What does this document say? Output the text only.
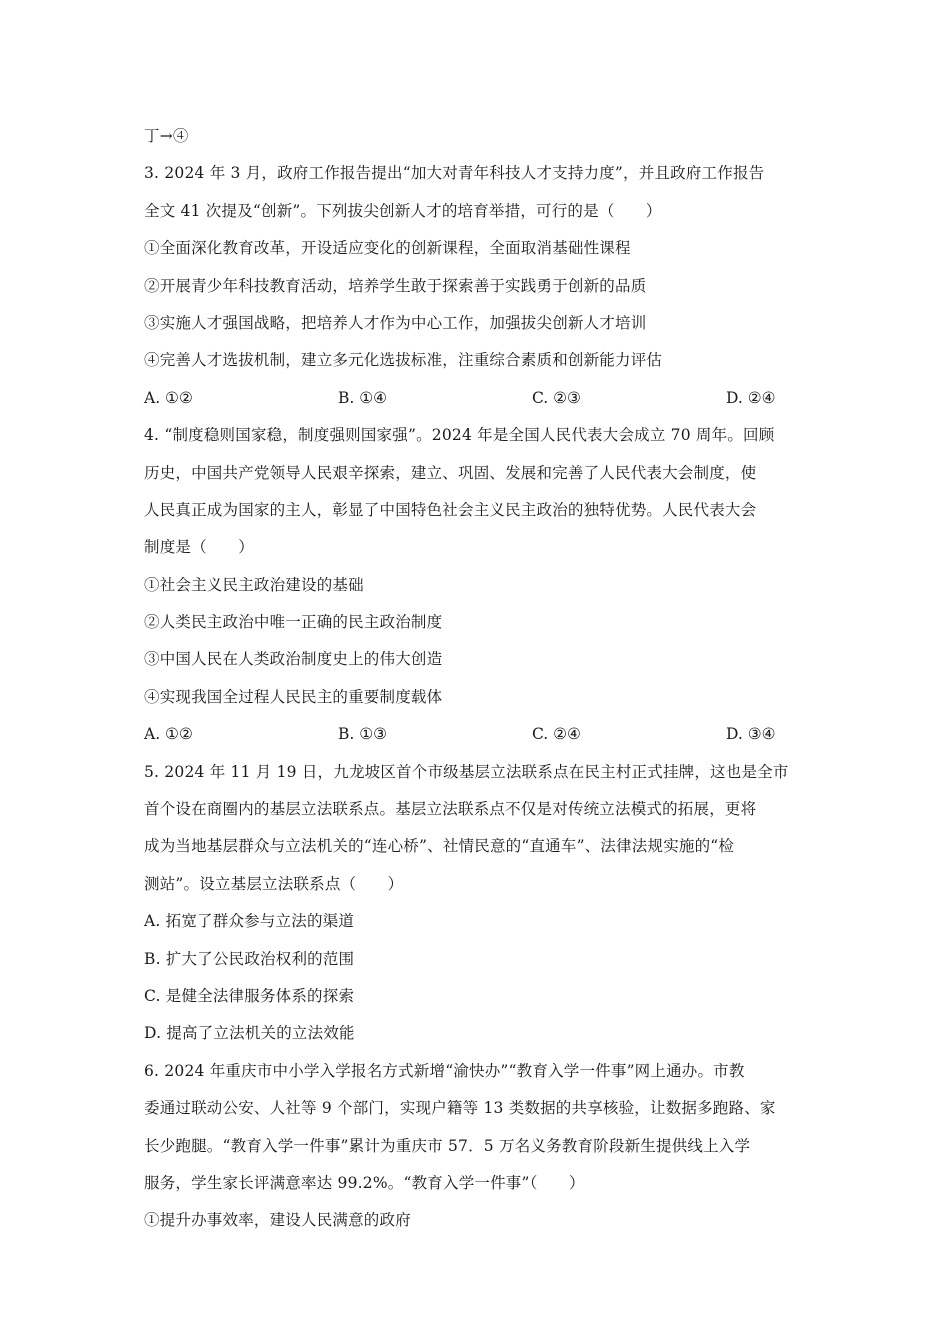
丁→④
3. 2024 年 3 月，政府工作报告提出“加大对青年科技人才支持力度”，并且政府工作报告
全文 41 次提及“创新”。下列拔尖创新人才的培育举措，可行的是（　　）
①全面深化教育改革，开设适应变化的创新课程，全面取消基础性课程
②开展青少年科技教育活动，培养学生敢于探索善于实践勇于创新的品质
③实施人才强国战略，把培养人才作为中心工作，加强拔尖创新人才培训
④完善人才选拔机制，建立多元化选拔标准，注重综合素质和创新能力评估
A. ①②	B. ①④	C. ②③	D. ②④
4. “制度稳则国家稳，制度强则国家强”。2024 年是全国人民代表大会成立 70 周年。回顾
历史，中国共产党领导人民艰辛探索，建立、巩固、发展和完善了人民代表大会制度，使
人民真正成为国家的主人，彰显了中国特色社会主义民主政治的独特优势。人民代表大会
制度是（　　）
①社会主义民主政治建设的基础
②人类民主政治中唯一正确的民主政治制度
③中国人民在人类政治制度史上的伟大创造
④实现我国全过程人民民主的重要制度载体
A. ①②	B. ①③	C. ②④	D. ③④
5. 2024 年 11 月 19 日，九龙坡区首个市级基层立法联系点在民主村正式挂牌，这也是全市
首个设在商圈内的基层立法联系点。基层立法联系点不仅是对传统立法模式的拓展，更将
成为当地基层群众与立法机关的“连心桥”、社情民意的“直通车”、法律法规实施的“检
测站”。设立基层立法联系点（　　）
A. 拓宽了群众参与立法的渠道
B. 扩大了公民政治权利的范围
C. 是健全法律服务体系的探索
D. 提高了立法机关的立法效能
6. 2024 年重庆市中小学入学报名方式新增“渝快办”“教育入学一件事”网上通办。市教
委通过联动公安、人社等 9 个部门，实现户籍等 13 类数据的共享核验，让数据多跑路、家
长少跑腿。“教育入学一件事”累计为重庆市 57．5 万名义务教育阶段新生提供线上入学
服务，学生家长评满意率达 99.2%。“教育入学一件事”（　　）
①提升办事效率，建设人民满意的政府
